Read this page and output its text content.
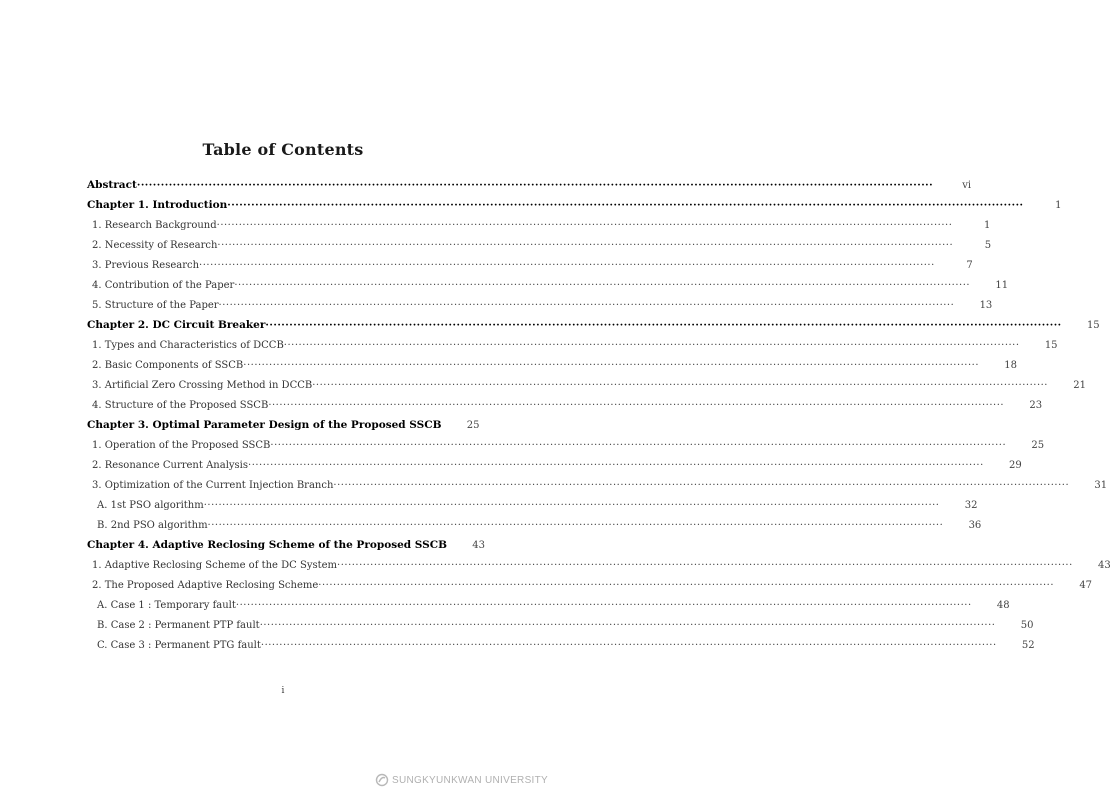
Table of Contents
Abstract ········································································································································································································	vi
Chapter 1. Introduction ········································································································································································································	1
1. Research Background ········································································································································································································	1
2. Necessity of Research ········································································································································································································	5
3. Previous Research ········································································································································································································	7
4. Contribution of the Paper ········································································································································································································	11
5. Structure of the Paper ········································································································································································································	13
Chapter 2. DC Circuit Breaker ········································································································································································································	15
1. Types and Characteristics of DCCB ········································································································································································································	15
2. Basic Components of SSCB ········································································································································································································	18
3. Artificial Zero Crossing Method in DCCB ········································································································································································································	21
4. Structure of the Proposed SSCB ········································································································································································································	23
Chapter 3. Optimal Parameter Design of the Proposed SSCB	25
1. Operation of the Proposed SSCB ········································································································································································································	25
2. Resonance Current Analysis ········································································································································································································	29
3. Optimization of the Current Injection Branch ········································································································································································································	31
A. 1st PSO algorithm ········································································································································································································	32
B. 2nd PSO algorithm ········································································································································································································	36
Chapter 4. Adaptive Reclosing Scheme of the Proposed SSCB	43
1. Adaptive Reclosing Scheme of the DC System ········································································································································································································	43
2. The Proposed Adaptive Reclosing Scheme ········································································································································································································	47
A. Case 1 : Temporary fault ········································································································································································································	48
B. Case 2 : Permanent PTP fault ········································································································································································································	50
C. Case 3 : Permanent PTG fault ········································································································································································································	52
i
SUNGKYUNKWAN UNIVERSITY
